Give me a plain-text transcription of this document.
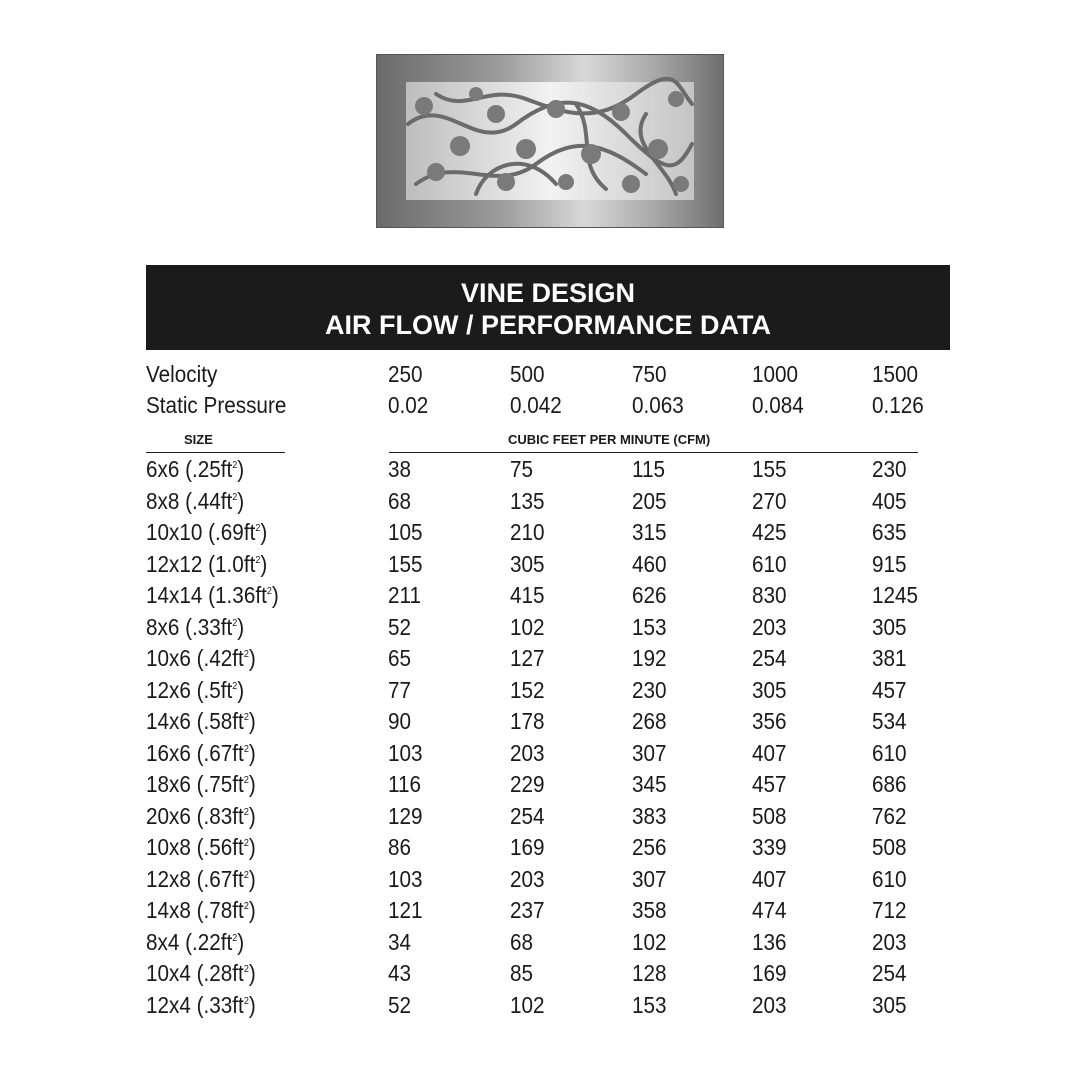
VINE DESIGN
AIR FLOW / PERFORMANCE DATA
Velocity	250	500	750	1000	1500
Static Pressure	0.02	0.042	0.063	0.084	0.126
SIZE	CUBIC FEET PER MINUTE (CFM)
6x6 $(.25ft^2)$	38	75	115	155	230
8x8 $(.44ft^2)$	68	135	205	270	405
10x10 $(.69ft^2)$	105	210	315	425	635
12x12 $(1.0ft^2)$	155	305	460	610	915
14x14 $(1.36ft^2)$	211	415	626	830	1245
8x6 $(.33ft^2)$	52	102	153	203	305
10x6 $(.42ft^2)$	65	127	192	254	381
12x6 $(.5ft^2)$	77	152	230	305	457
14x6 $(.58ft^2)$	90	178	268	356	534
16x6 $(.67ft^2)$	103	203	307	407	610
18x6 $(.75ft^2)$	116	229	345	457	686
20x6 $(.83ft^2)$	129	254	383	508	762
10x8 $(.56ft^2)$	86	169	256	339	508
12x8 $(.67ft^2)$	103	203	307	407	610
14x8 $(.78ft^2)$	121	237	358	474	712
8x4 $(.22ft^2)$	34	68	102	136	203
10x4 $(.28ft^2)$	43	85	128	169	254
12x4 $(.33ft^2)$	52	102	153	203	305
